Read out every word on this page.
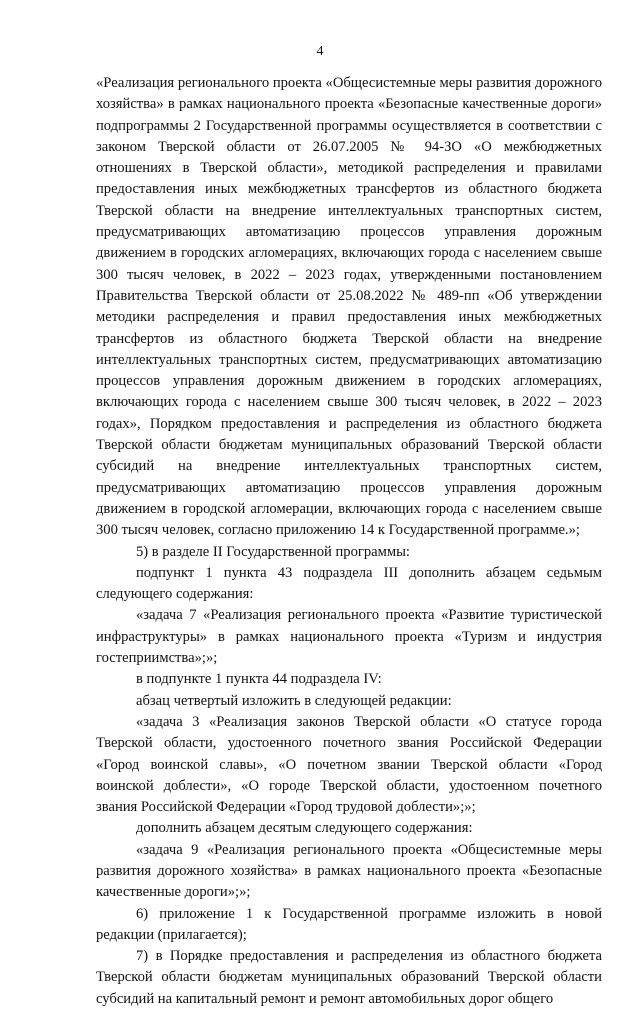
4

«Реализация регионального проекта «Общесистемные меры развития дорожного хозяйства» в рамках национального проекта «Безопасные качественные дороги» подпрограммы 2 Государственной программы осуществляется в соответствии с законом Тверской области от 26.07.2005 № 94-ЗО «О межбюджетных отношениях в Тверской области», методикой распределения и правилами предоставления иных межбюджетных трансфертов из областного бюджета Тверской области на внедрение интеллектуальных транспортных систем, предусматривающих автоматизацию процессов управления дорожным движением в городских агломерациях, включающих города с населением свыше 300 тысяч человек, в 2022 – 2023 годах, утвержденными постановлением Правительства Тверской области от 25.08.2022 № 489-пп «Об утверждении методики распределения и правил предоставления иных межбюджетных трансфертов из областного бюджета Тверской области на внедрение интеллектуальных транспортных систем, предусматривающих автоматизацию процессов управления дорожным движением в городских агломерациях, включающих города с населением свыше 300 тысяч человек, в 2022 – 2023 годах», Порядком предоставления и распределения из областного бюджета Тверской области бюджетам муниципальных образований Тверской области субсидий на внедрение интеллектуальных транспортных систем, предусматривающих автоматизацию процессов управления дорожным движением в городской агломерации, включающих города с населением свыше 300 тысяч человек, согласно приложению 14 к Государственной программе.»;

5) в разделе II Государственной программы:

подпункт 1 пункта 43 подраздела III дополнить абзацем седьмым следующего содержания:

«задача 7 «Реализация регионального проекта «Развитие туристической инфраструктуры» в рамках национального проекта «Туризм и индустрия гостеприимства»;»;

в подпункте 1 пункта 44 подраздела IV:

абзац четвертый изложить в следующей редакции:

«задача 3 «Реализация законов Тверской области «О статусе города Тверской области, удостоенного почетного звания Российской Федерации «Город воинской славы», «О почетном звании Тверской области «Город воинской доблести», «О городе Тверской области, удостоенном почетного звания Российской Федерации «Город трудовой доблести»;»;

дополнить абзацем десятым следующего содержания:

«задача 9 «Реализация регионального проекта «Общесистемные меры развития дорожного хозяйства» в рамках национального проекта «Безопасные качественные дороги»;»;

6) приложение 1 к Государственной программе изложить в новой редакции (прилагается);

7) в Порядке предоставления и распределения из областного бюджета Тверской области бюджетам муниципальных образований Тверской области субсидий на капитальный ремонт и ремонт автомобильных дорог общего
